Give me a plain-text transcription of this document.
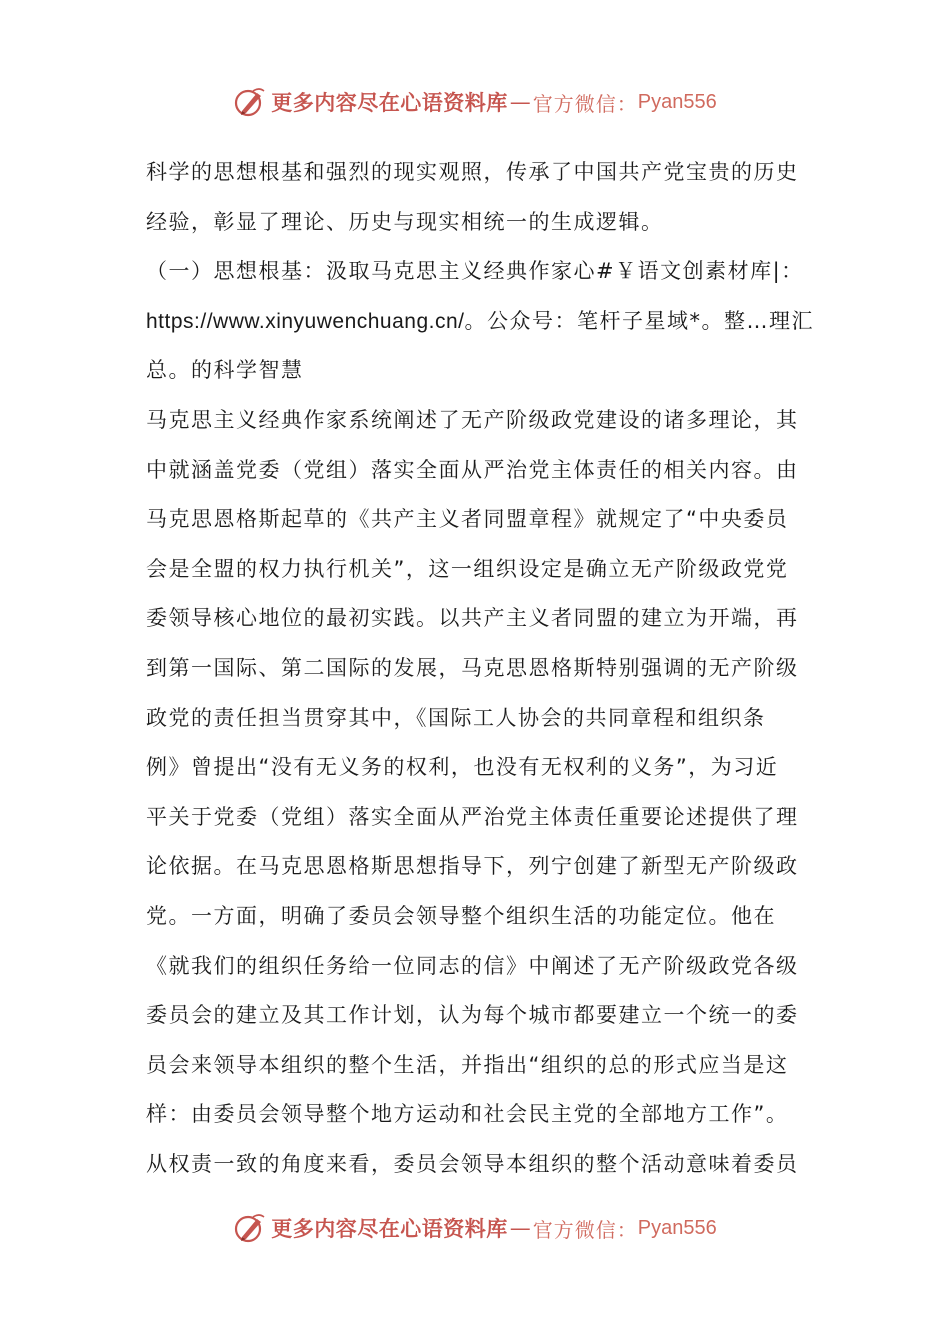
更多内容尽在心语资料库 — 官方微信： Pyan556
科学的思想根基和强烈的现实观照，传承了中国共产党宝贵的历史
经验，彰显了理论、历史与现实相统一的生成逻辑。
（一）思想根基：汲取马克思主义经典作家心#￥语文创素材库|：
https://www.xinyuwenchuang.cn/。公众号：笔杆子星域*。整…理汇
总。的科学智慧
马克思主义经典作家系统阐述了无产阶级政党建设的诸多理论，其
中就涵盖党委（党组）落实全面从严治党主体责任的相关内容。由
马克思恩格斯起草的《共产主义者同盟章程》就规定了“中央委员
会是全盟的权力执行机关”，这一组织设定是确立无产阶级政党党
委领导核心地位的最初实践。以共产主义者同盟的建立为开端，再
到第一国际、第二国际的发展，马克思恩格斯特别强调的无产阶级
政党的责任担当贯穿其中，《国际工人协会的共同章程和组织条
例》曾提出“没有无义务的权利，也没有无权利的义务”，为习近
平关于党委（党组）落实全面从严治党主体责任重要论述提供了理
论依据。在马克思恩格斯思想指导下，列宁创建了新型无产阶级政
党。一方面，明确了委员会领导整个组织生活的功能定位。他在
《就我们的组织任务给一位同志的信》中阐述了无产阶级政党各级
委员会的建立及其工作计划，认为每个城市都要建立一个统一的委
员会来领导本组织的整个生活，并指出“组织的总的形式应当是这
样：由委员会领导整个地方运动和社会民主党的全部地方工作”。
从权责一致的角度来看，委员会领导本组织的整个活动意味着委员
更多内容尽在心语资料库 — 官方微信： Pyan556
